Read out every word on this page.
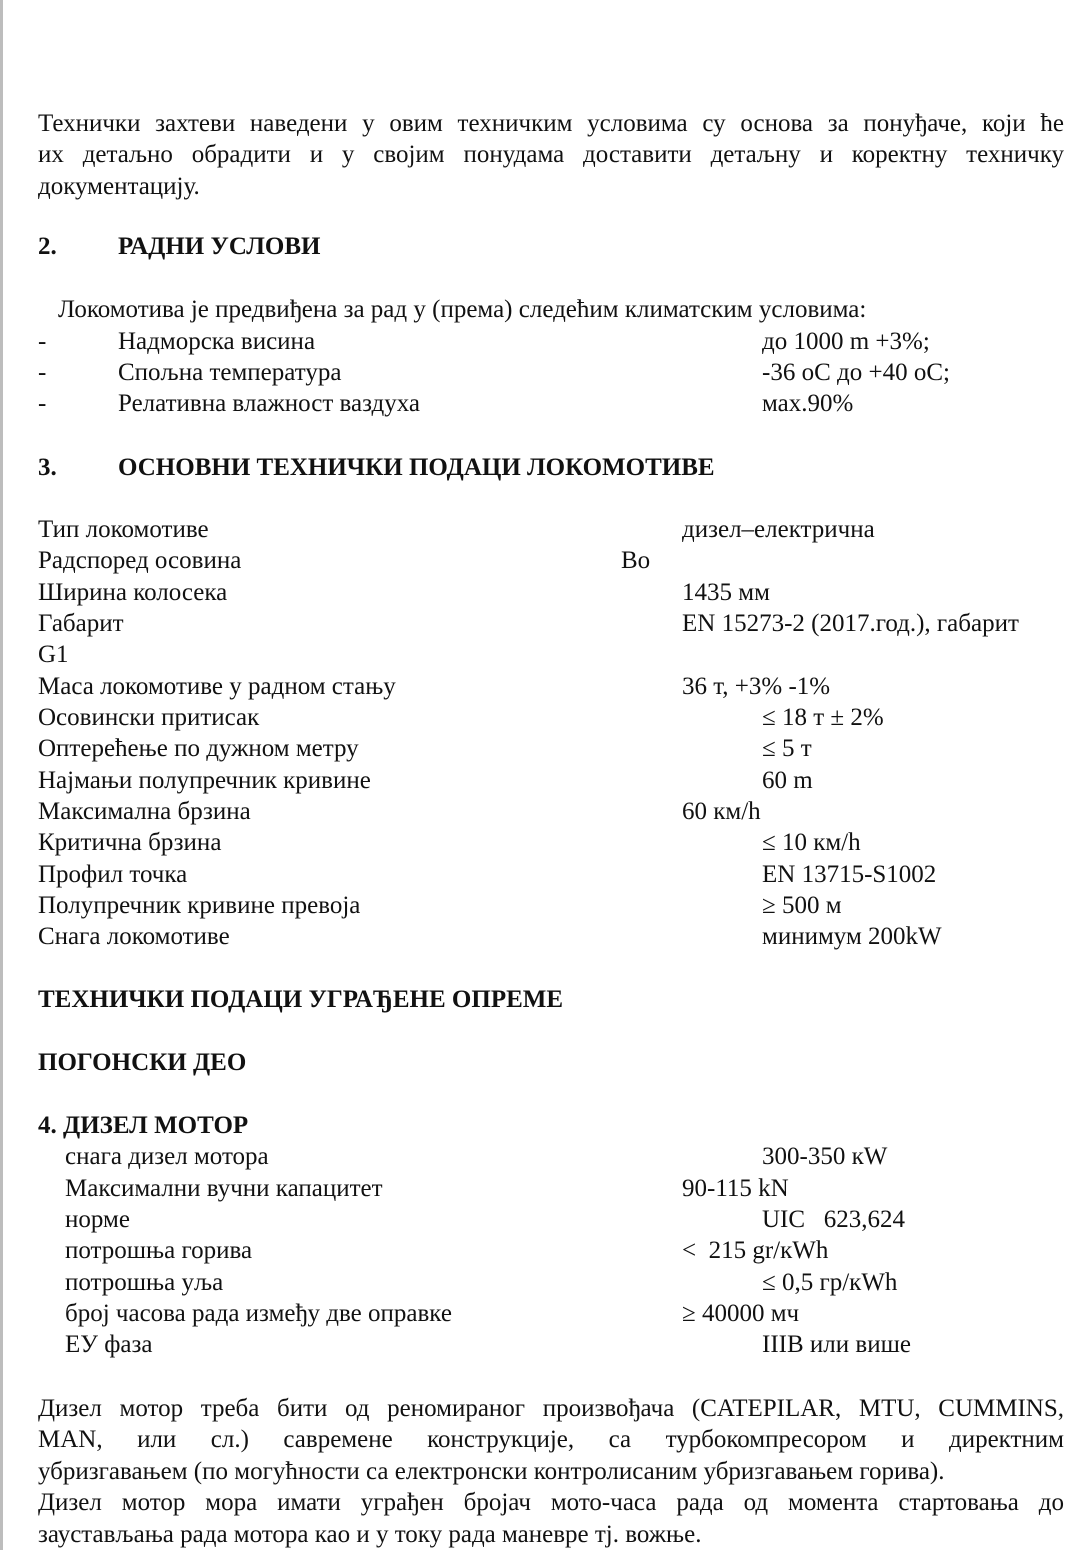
Технички захтеви наведени у овим техничким условима су основа за понуђаче, који ће
их детаљно обрадити и у својим понудама доставити детаљну и коректну техничку
документацију.
2. РАДНИ УСЛОВИ
Локомотива је предвиђена за рад у (према) следећим климатским условима:
-	Надморска висина	до 1000 m +3%;
-	Спољна температура	-36 oC до +40 oC;
-	Релативна влажност ваздуха	мах.90%
3. ОСНОВНИ ТЕХНИЧКИ ПОДАЦИ ЛОКОМОТИВЕ
Тип локомотиве	дизел–електрична
Радспоред осовина	Bo
Ширина колосека	1435 мм
Габарит	EN 15273-2 (2017.год.), габарит
G1
Маса локомотиве у радном стању	36 т, +3% -1%
Осовински притисак	≤ 18 т ± 2%
Оптерећење по дужном метру	≤ 5 т
Најмањи полупречник кривине	60 m
Максимална брзина	60 км/h
Критична брзина	≤ 10 км/h
Профил точка	EN 13715-S1002
Полупречник кривине превоја	≥ 500 м
Снага локомотиве	минимум 200kW
ТЕХНИЧКИ ПОДАЦИ УГРАЂЕНЕ ОПРЕМЕ
ПОГОНСКИ ДЕО
4. ДИЗЕЛ МОТОР
снага дизел мотора	300-350 кW
Максимални вучни капацитет	90-115 kN
норме	UIC   623,624
потрошња горива	<  215 gr/кWh
потрошња уља	≤ 0,5 гр/кWh
број часова рада између две оправке	≥ 40000 мч
ЕУ фаза	IIIB или више
Дизел мотор треба бити од реномираног произвођача (CATEPILAR, MTU, CUMMINS,
MAN, или сл.) савремене конструкције, са турбокомпресором и директним
убризгавањем (по могућности са електронски контролисаним убризгавањем горива).
Дизел мотор мора имати уграђен бројач мото-часа рада од момента стартовања до
заустављања рада мотора као и у току рада маневре тј. вожње.
